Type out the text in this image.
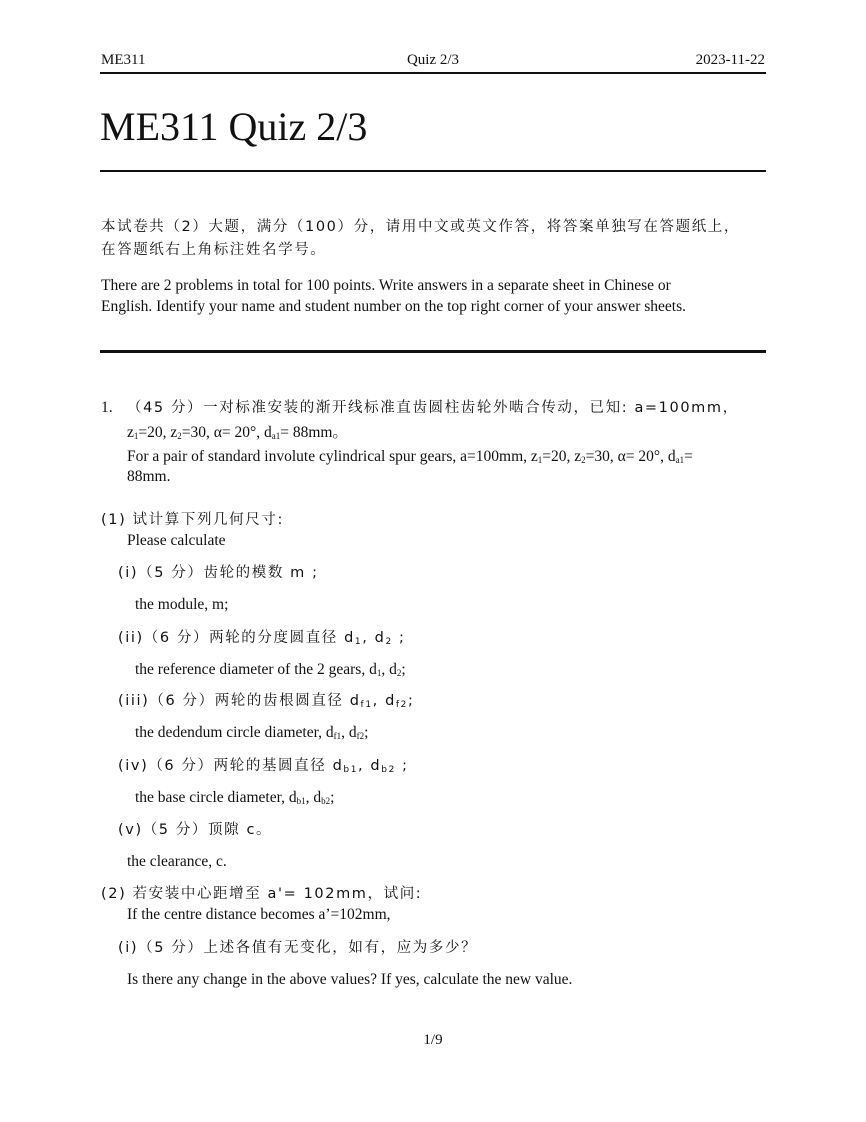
ME311	Quiz 2/3	2023-11-22
ME311 Quiz 2/3
本试卷共（2）大题，满分（100）分，请用中文或英文作答，将答案单独写在答题纸上，
在答题纸右上角标注姓名学号。
There are 2 problems in total for 100 points. Write answers in a separate sheet in Chinese or
English. Identify your name and student number on the top right corner of your answer sheets.
1. （45 分）一对标准安装的渐开线标准直齿圆柱齿轮外啮合传动，已知: a=100mm，
$z_1=20$, $z_2=30$, α= 20°, $d_{a1}= 88mm$。
For a pair of standard involute cylindrical spur gears, a=100mm, $z_1=20$, $z_2=30$, α= 20°, $d_{a1}=$
88mm.
(1) 试计算下列几何尺寸:
Please calculate
(i)（5 分）齿轮的模数 m ;
the module, m;
(ii)（6 分）两轮的分度圆直径 $d_1$, $d_2$ ;
the reference diameter of the 2 gears, $d_1$, $d_2$;
(iii)（6 分）两轮的齿根圆直径 $d_{f1}$, $d_{f2}$;
the dedendum circle diameter, $d_{f1}$, $d_{f2}$;
(iv)（6 分）两轮的基圆直径 $d_{b1}$, $d_{b2}$ ;
the base circle diameter, $d_{b1}$, $d_{b2}$;
(v)（5 分）顶隙 c。
the clearance, c.
(2) 若安装中心距增至 a'= 102mm，试问:
If the centre distance becomes a’=102mm,
(i)（5 分）上述各值有无变化，如有，应为多少？
Is there any change in the above values? If yes, calculate the new value.
1/9
